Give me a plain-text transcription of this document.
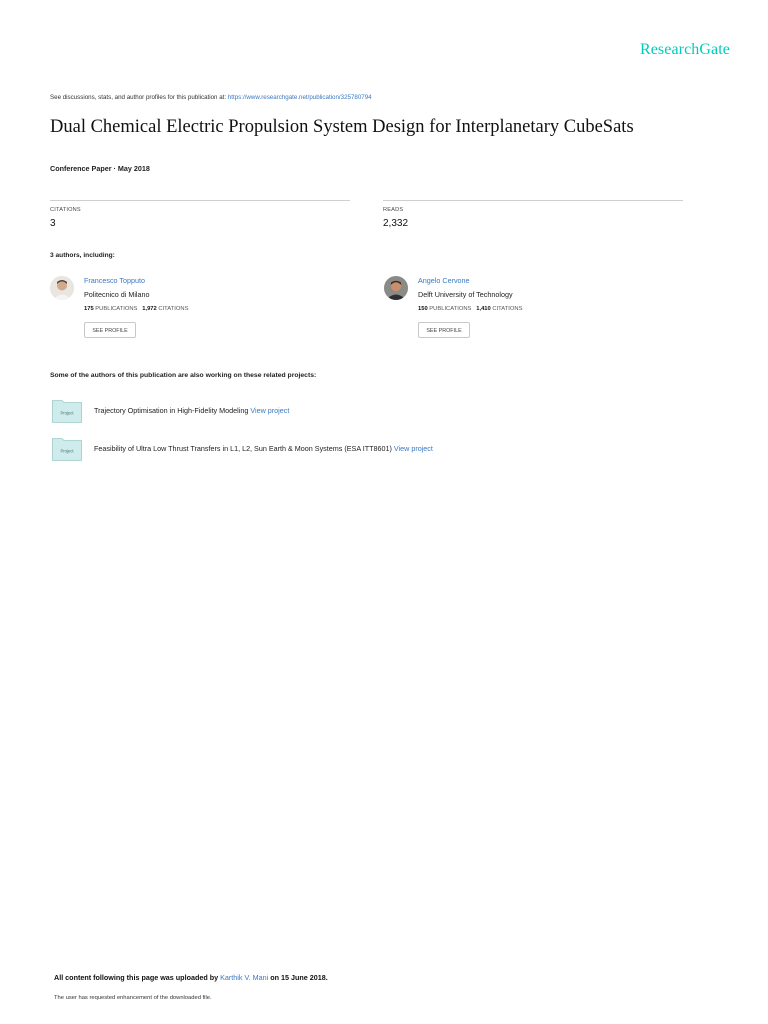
ResearchGate
See discussions, stats, and author profiles for this publication at: https://www.researchgate.net/publication/325780794
Dual Chemical Electric Propulsion System Design for Interplanetary CubeSats
Conference Paper · May 2018
CITATIONS
3
READS
2,332
3 authors, including:
Francesco Topputo
Politecnico di Milano
175 PUBLICATIONS 1,972 CITATIONS
SEE PROFILE
Angelo Cervone
Delft University of Technology
150 PUBLICATIONS 1,410 CITATIONS
SEE PROFILE
Some of the authors of this publication are also working on these related projects:
Project	Trajectory Optimisation in High-Fidelity Modeling View project
Project	Feasibility of Ultra Low Thrust Transfers in L1, L2, Sun Earth & Moon Systems (ESA ITT8601) View project
All content following this page was uploaded by Karthik V. Mani on 15 June 2018.
The user has requested enhancement of the downloaded file.
